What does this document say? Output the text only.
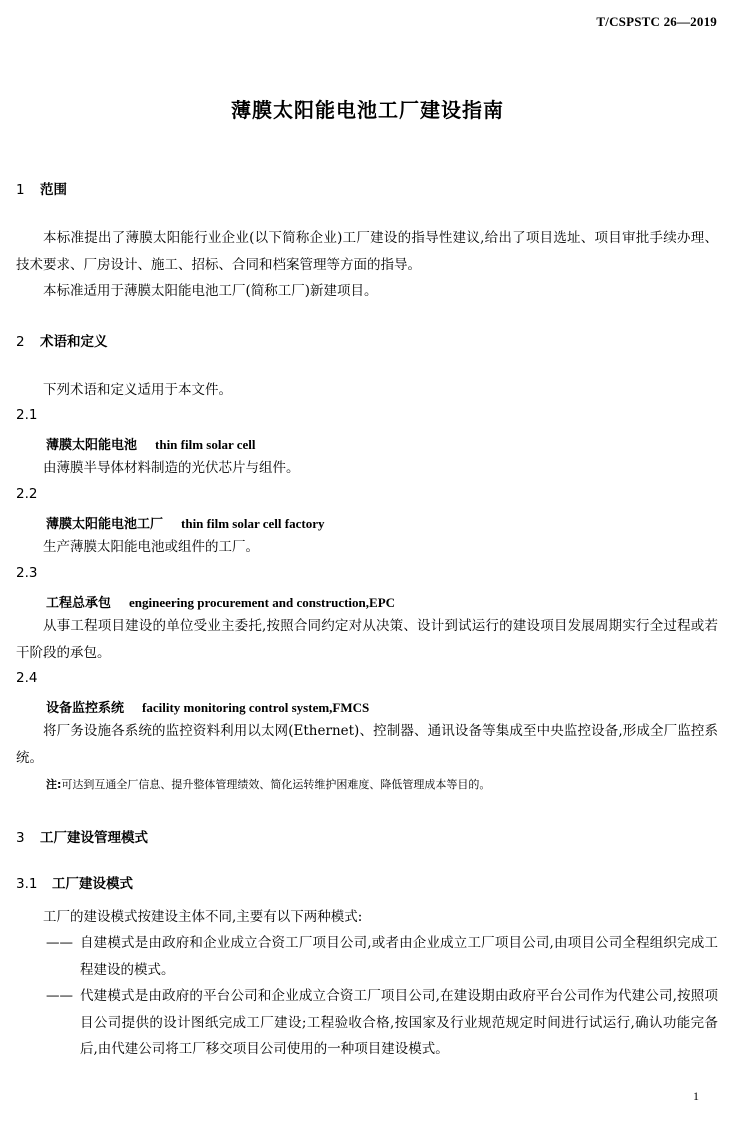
T/CSPSTC 26—2019
薄膜太阳能电池工厂建设指南
1 范围
本标准提出了薄膜太阳能行业企业(以下简称企业)工厂建设的指导性建议,给出了项目选址、项目审批手续办理、技术要求、厂房设计、施工、招标、合同和档案管理等方面的指导。
本标准适用于薄膜太阳能电池工厂(简称工厂)新建项目。
2 术语和定义
下列术语和定义适用于本文件。
2.1
薄膜太阳能电池 thin film solar cell
由薄膜半导体材料制造的光伏芯片与组件。
2.2
薄膜太阳能电池工厂 thin film solar cell factory
生产薄膜太阳能电池或组件的工厂。
2.3
工程总承包 engineering procurement and construction,EPC
从事工程项目建设的单位受业主委托,按照合同约定对从决策、设计到试运行的建设项目发展周期实行全过程或若干阶段的承包。
2.4
设备监控系统 facility monitoring control system,FMCS
将厂务设施各系统的监控资料利用以太网(Ethernet)、控制器、通讯设备等集成至中央监控设备,形成全厂监控系统。
注:可达到互通全厂信息、提升整体管理绩效、简化运转维护困难度、降低管理成本等目的。
3 工厂建设管理模式
3.1 工厂建设模式
工厂的建设模式按建设主体不同,主要有以下两种模式:
—— 自建模式是由政府和企业成立合资工厂项目公司,或者由企业成立工厂项目公司,由项目公司全程组织完成工程建设的模式。
—— 代建模式是由政府的平台公司和企业成立合资工厂项目公司,在建设期由政府平台公司作为代建公司,按照项目公司提供的设计图纸完成工厂建设;工程验收合格,按国家及行业规范规定时间进行试运行,确认功能完备后,由代建公司将工厂移交项目公司使用的一种项目建设模式。
1
